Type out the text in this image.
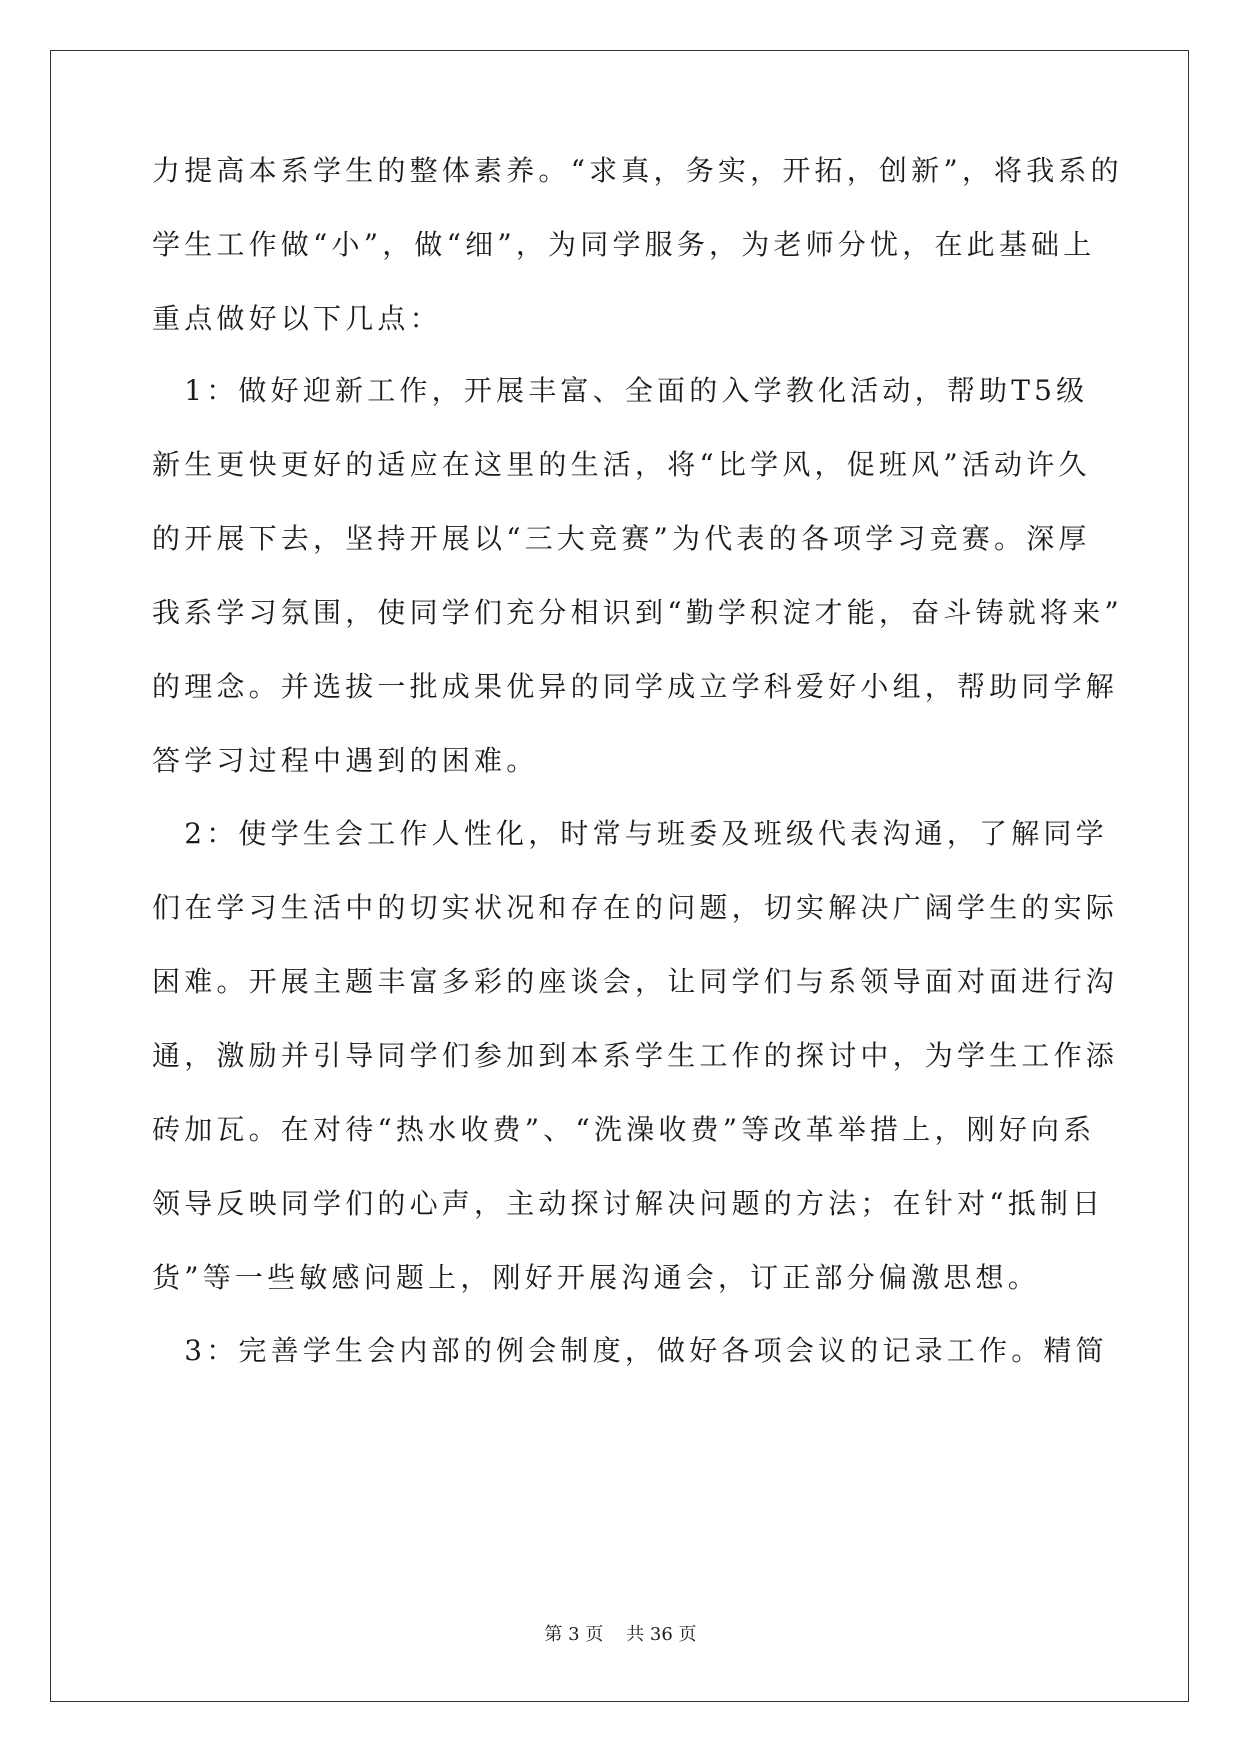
力提高本系学生的整体素养。“求真，务实，开拓，创新”，将我系的

学生工作做“小”，做“细”，为同学服务，为老师分忧，在此基础上

重点做好以下几点：

　1：做好迎新工作，开展丰富、全面的入学教化活动，帮助T5级

新生更快更好的适应在这里的生活，将“比学风，促班风”活动许久

的开展下去，坚持开展以“三大竞赛”为代表的各项学习竞赛。深厚

我系学习氛围，使同学们充分相识到“勤学积淀才能，奋斗铸就将来”

的理念。并选拔一批成果优异的同学成立学科爱好小组，帮助同学解

答学习过程中遇到的困难。

　2：使学生会工作人性化，时常与班委及班级代表沟通，了解同学

们在学习生活中的切实状况和存在的问题，切实解决广阔学生的实际

困难。开展主题丰富多彩的座谈会，让同学们与系领导面对面进行沟

通，激励并引导同学们参加到本系学生工作的探讨中，为学生工作添

砖加瓦。在对待“热水收费”、“洗澡收费”等改革举措上，刚好向系

领导反映同学们的心声，主动探讨解决问题的方法；在针对“抵制日

货”等一些敏感问题上，刚好开展沟通会，订正部分偏激思想。

　3：完善学生会内部的例会制度，做好各项会议的记录工作。精简

第 3 页    共 36 页
